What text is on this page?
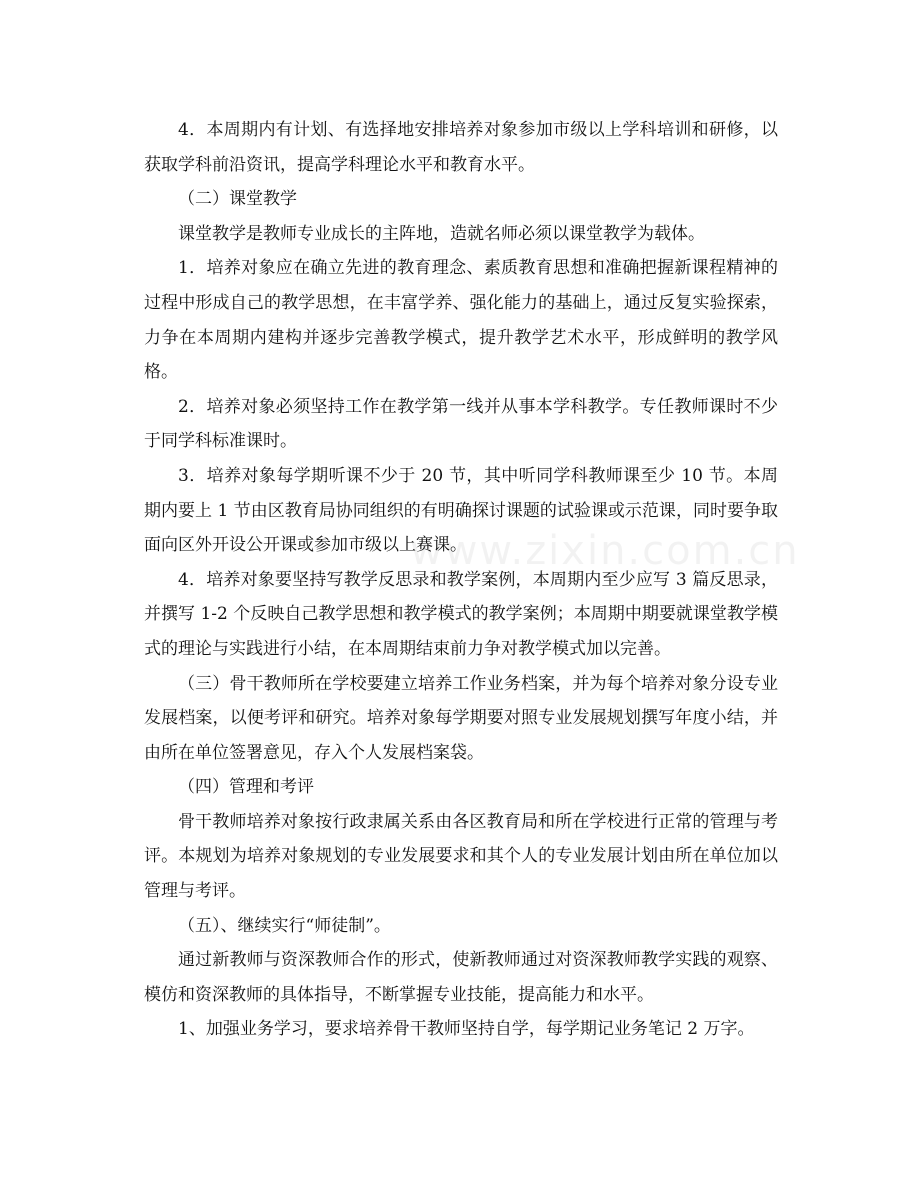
4．本周期内有计划、有选择地安排培养对象参加市级以上学科培训和研修，以获取学科前沿资讯，提高学科理论水平和教育水平。

（二）课堂教学

课堂教学是教师专业成长的主阵地，造就名师必须以课堂教学为载体。

1．培养对象应在确立先进的教育理念、素质教育思想和准确把握新课程精神的过程中形成自己的教学思想，在丰富学养、强化能力的基础上，通过反复实验探索，力争在本周期内建构并逐步完善教学模式，提升教学艺术水平，形成鲜明的教学风格。

2．培养对象必须坚持工作在教学第一线并从事本学科教学。专任教师课时不少于同学科标准课时。

3．培养对象每学期听课不少于 20 节，其中听同学科教师课至少 10 节。本周期内要上 1 节由区教育局协同组织的有明确探讨课题的试验课或示范课，同时要争取面向区外开设公开课或参加市级以上赛课。

4．培养对象要坚持写教学反思录和教学案例，本周期内至少应写 3 篇反思录，并撰写 1-2 个反映自己教学思想和教学模式的教学案例；本周期中期要就课堂教学模式的理论与实践进行小结，在本周期结束前力争对教学模式加以完善。

（三）骨干教师所在学校要建立培养工作业务档案，并为每个培养对象分设专业发展档案，以便考评和研究。培养对象每学期要对照专业发展规划撰写年度小结，并由所在单位签署意见，存入个人发展档案袋。

（四）管理和考评

骨干教师培养对象按行政隶属关系由各区教育局和所在学校进行正常的管理与考评。本规划为培养对象规划的专业发展要求和其个人的专业发展计划由所在单位加以管理与考评。

（五）、继续实行“师徒制”。

通过新教师与资深教师合作的形式，使新教师通过对资深教师教学实践的观察、模仿和资深教师的具体指导，不断掌握专业技能，提高能力和水平。

1、加强业务学习，要求培养骨干教师坚持自学，每学期记业务笔记 2 万字。

www.zixin.com.cn
